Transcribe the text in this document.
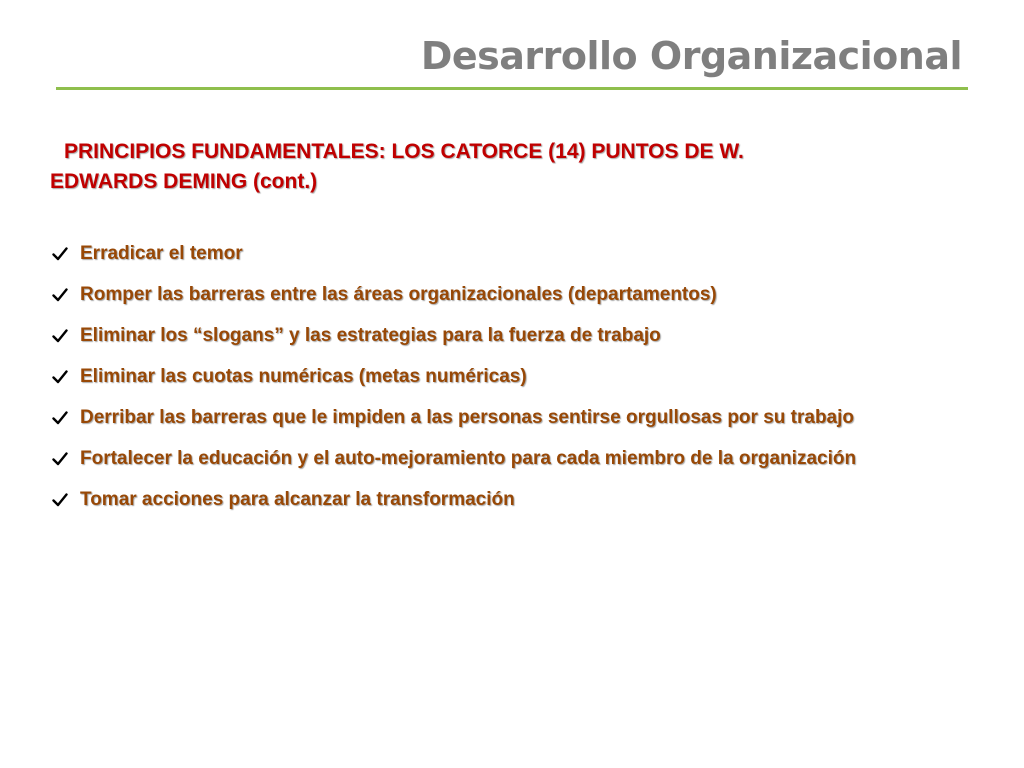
Desarrollo Organizacional
PRINCIPIOS FUNDAMENTALES: LOS CATORCE (14) PUNTOS DE W.
EDWARDS DEMING (cont.)
Erradicar el temor
Romper las barreras entre las áreas organizacionales (departamentos)
Eliminar los “slogans” y las estrategias para la fuerza de trabajo
Eliminar las cuotas numéricas (metas numéricas)
Derribar las barreras que le impiden a las personas sentirse orgullosas por su trabajo
Fortalecer la educación y el auto-mejoramiento para cada miembro de la organización
Tomar acciones para alcanzar la transformación
